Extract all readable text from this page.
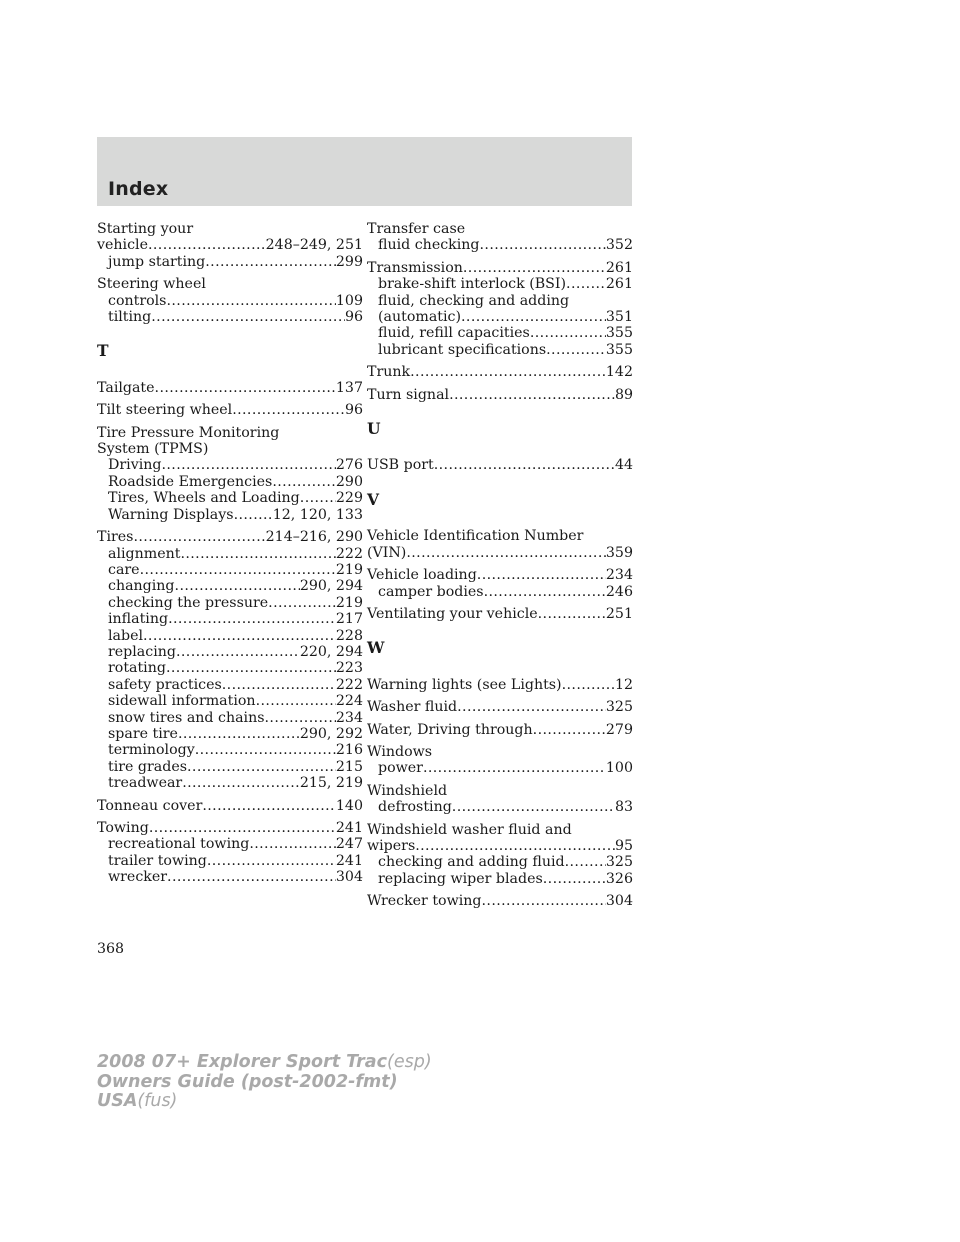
Index
Starting your
vehicle .....	248–249, 251
jump starting .....	299
Steering wheel
controls .....	109
tilting .....	96
T
Tailgate .....	137
Tilt steering wheel .....	96
Tire Pressure Monitoring
System (TPMS)
Driving .....	276
Roadside Emergencies .....	290
Tires, Wheels and Loading .....	229
Warning Displays .....	12, 120, 133
Tires .....	214–216, 290
alignment .....	222
care .....	219
changing .....	290, 294
checking the pressure .....	219
inflating .....	217
label .....	228
replacing .....	220, 294
rotating .....	223
safety practices .....	222
sidewall information .....	224
snow tires and chains .....	234
spare tire .....	290, 292
terminology .....	216
tire grades .....	215
treadwear .....	215, 219
Tonneau cover .....	140
Towing .....	241
recreational towing .....	247
trailer towing .....	241
wrecker .....	304
Transfer case
fluid checking .....	352
Transmission .....	261
brake-shift interlock (BSI) .....	261
fluid, checking and adding
(automatic) .....	351
fluid, refill capacities .....	355
lubricant specifications .....	355
Trunk .....	142
Turn signal .....	89
U
USB port .....	44
V
Vehicle Identification Number
(VIN) .....	359
Vehicle loading .....	234
camper bodies .....	246
Ventilating your vehicle .....	251
W
Warning lights (see Lights) .....	12
Washer fluid .....	325
Water, Driving through .....	279
Windows
power .....	100
Windshield
defrosting .....	83
Windshield washer fluid and
wipers .....	95
checking and adding fluid .....	325
replacing wiper blades .....	326
Wrecker towing .....	304
368
2008 07+ Explorer Sport Trac(esp)
Owners Guide (post-2002-fmt)
USA(fus)
